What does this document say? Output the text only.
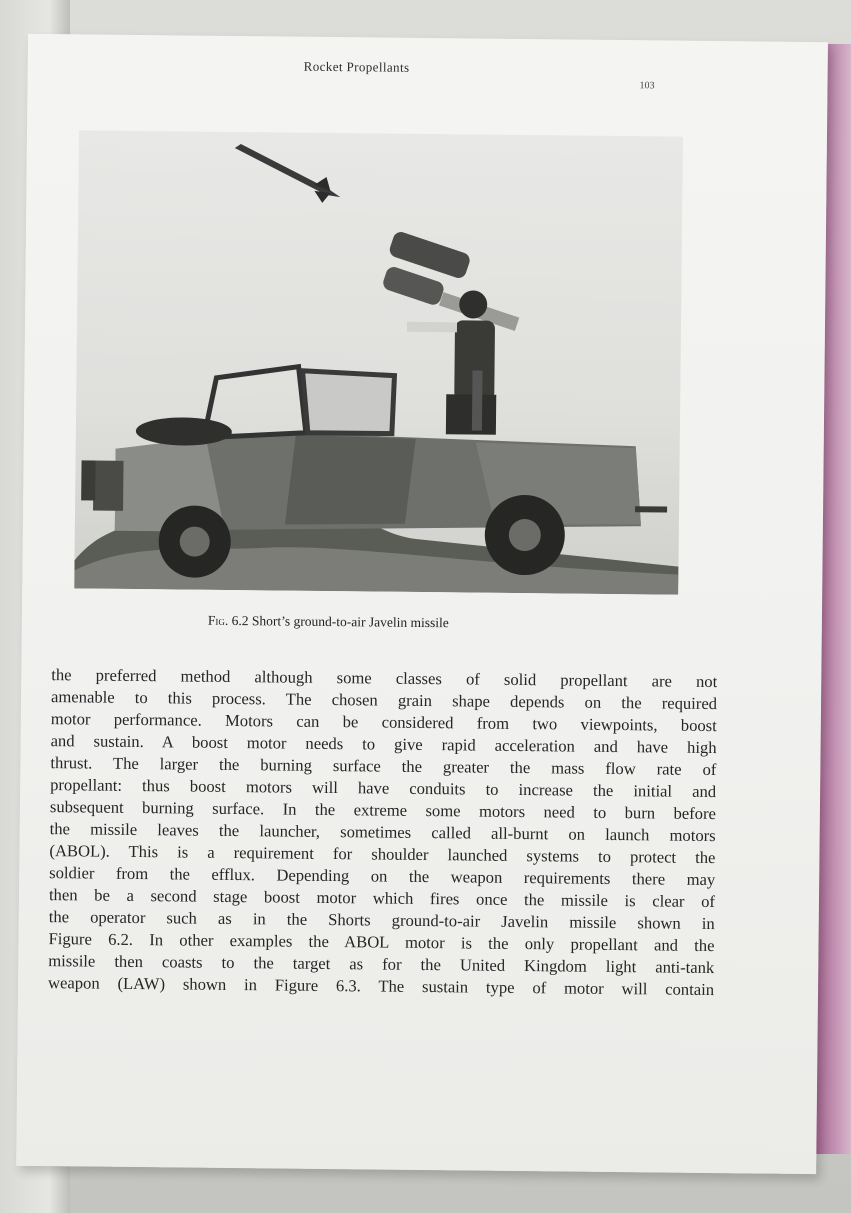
Rocket Propellants
103
Fig. 6.2 Short’s ground-to-air Javelin missile
the preferred method although some classes of solid propellant are not
amenable to this process. The chosen grain shape depends on the required
motor performance. Motors can be considered from two viewpoints, boost
and sustain. A boost motor needs to give rapid acceleration and have high
thrust. The larger the burning surface the greater the mass flow rate of
propellant: thus boost motors will have conduits to increase the initial and
subsequent burning surface. In the extreme some motors need to burn before
the missile leaves the launcher, sometimes called all-burnt on launch motors
(ABOL). This is a requirement for shoulder launched systems to protect the
soldier from the efflux. Depending on the weapon requirements there may
then be a second stage boost motor which fires once the missile is clear of
the operator such as in the Shorts ground-to-air Javelin missile shown in
Figure 6.2. In other examples the ABOL motor is the only propellant and the
missile then coasts to the target as for the United Kingdom light anti-tank
weapon (LAW) shown in Figure 6.3. The sustain type of motor will contain
